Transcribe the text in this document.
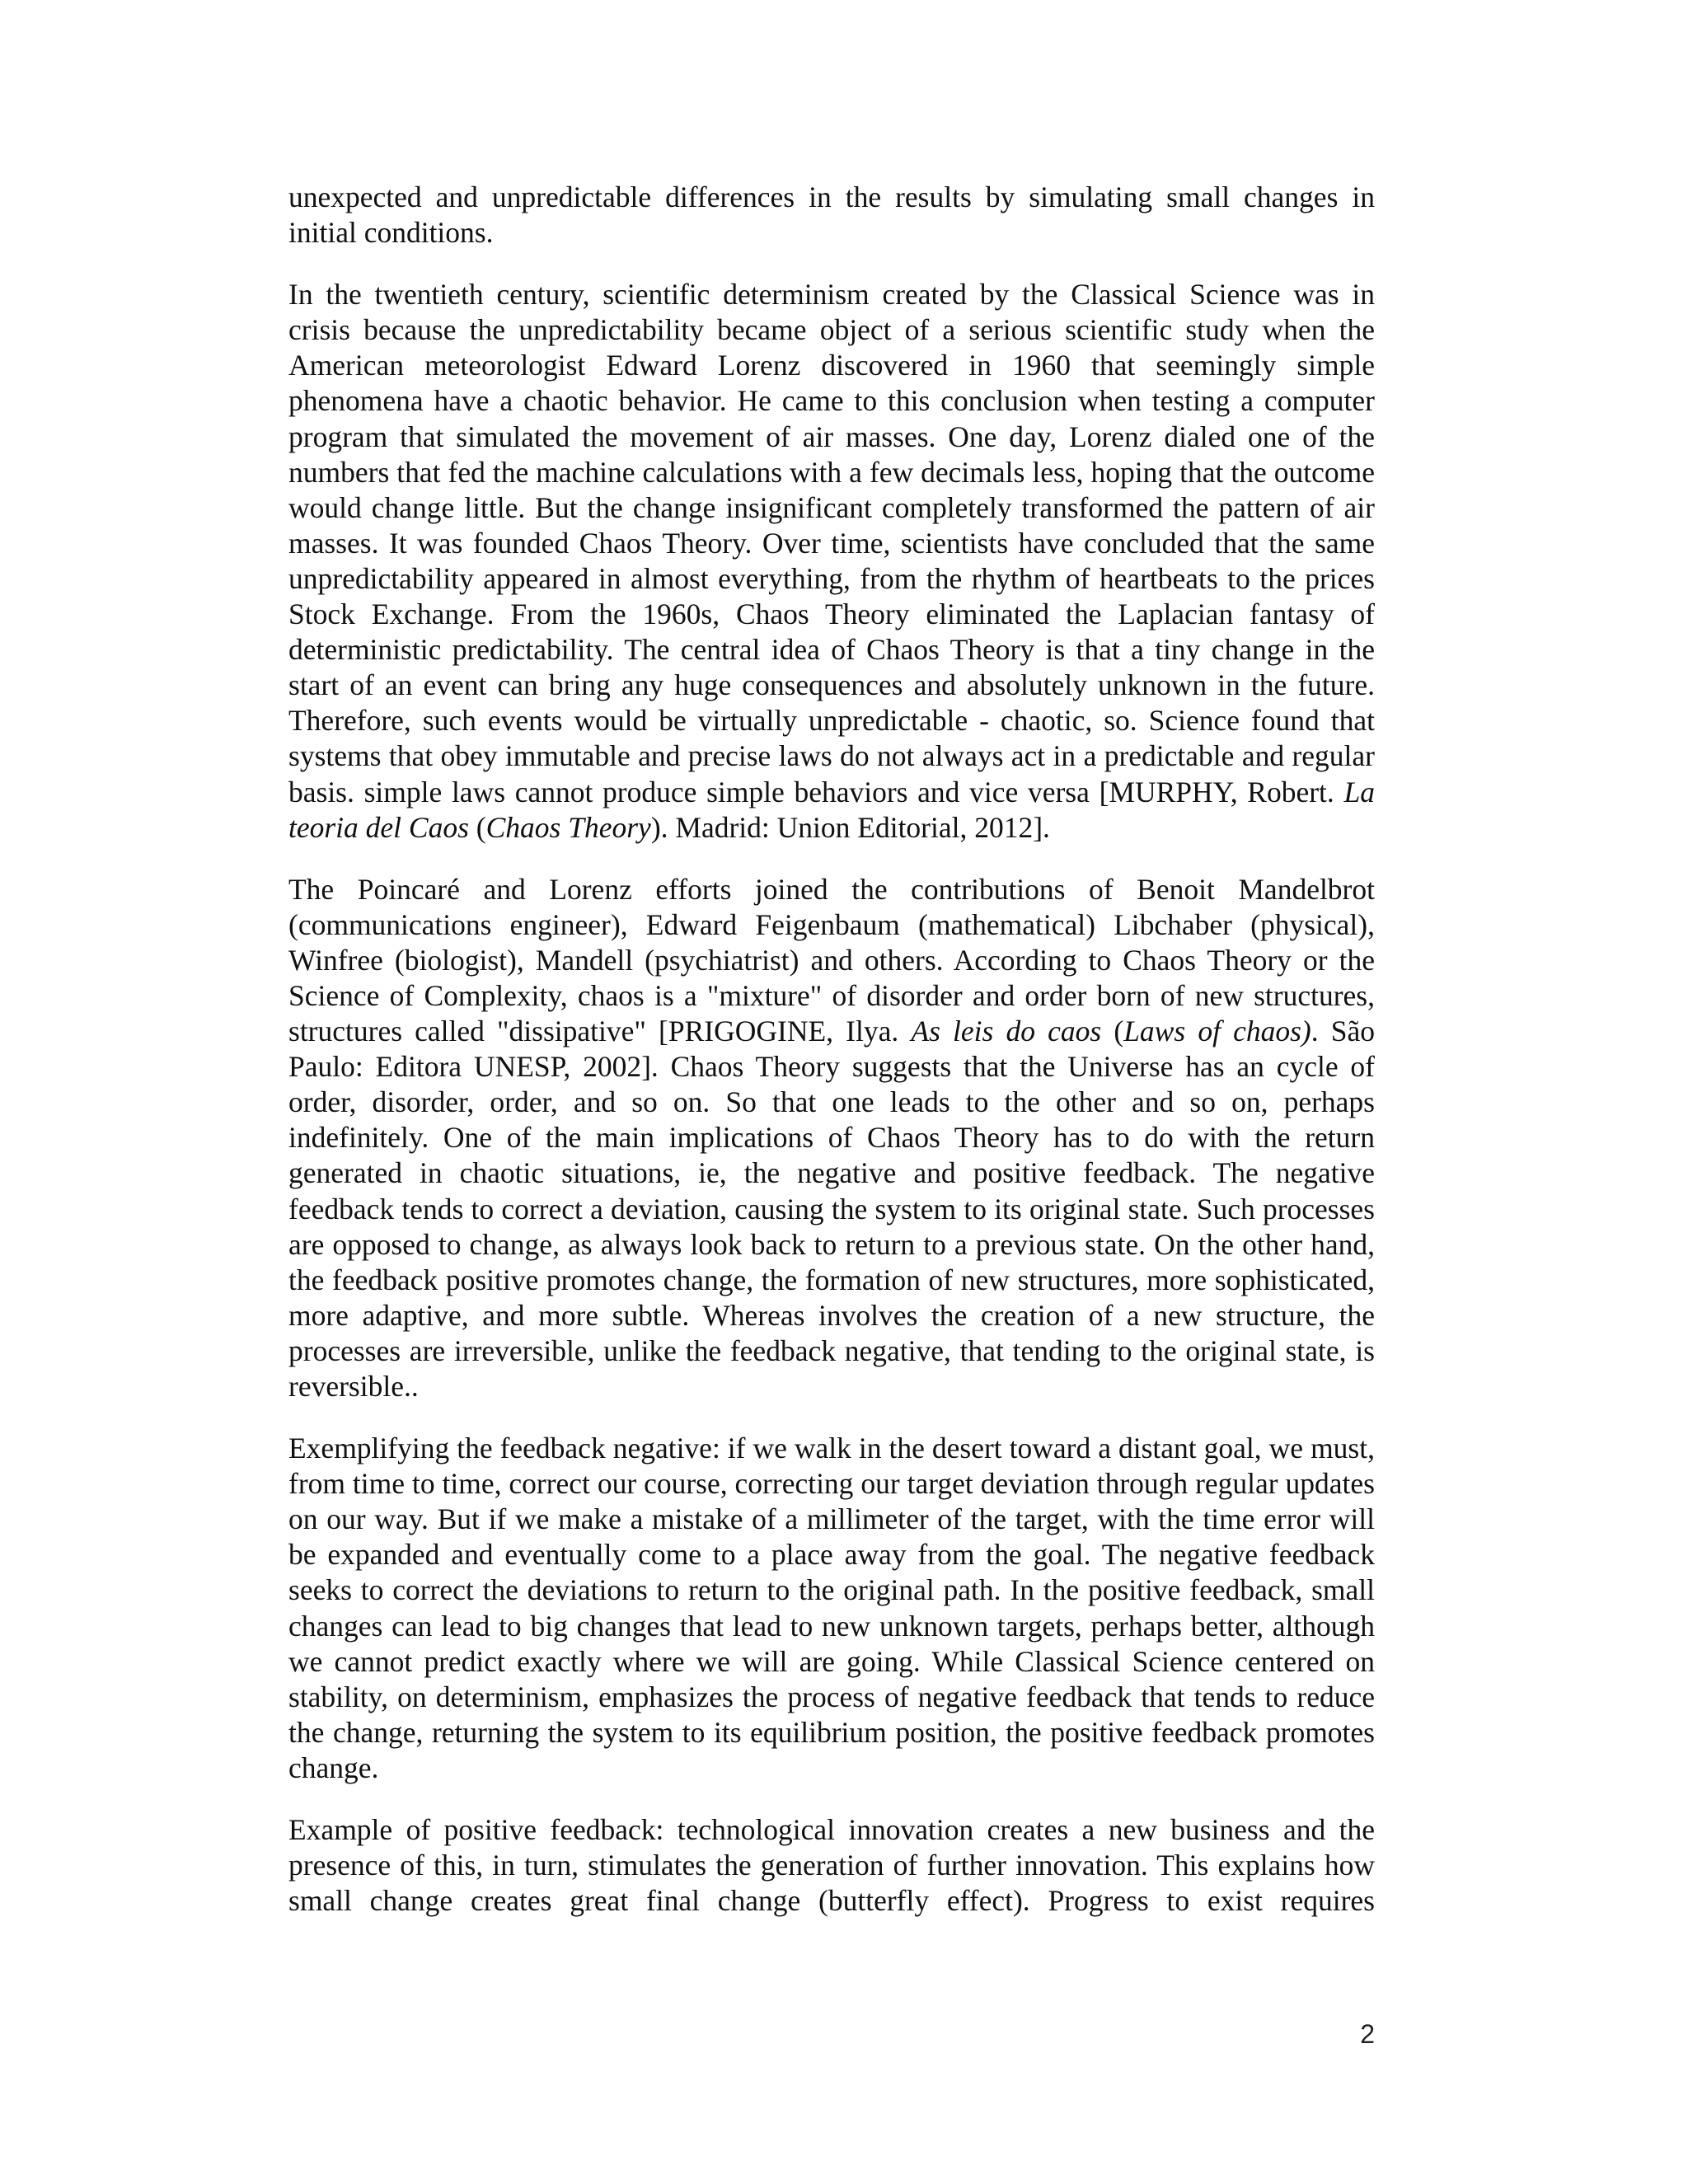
unexpected and unpredictable differences in the results by simulating small changes in initial conditions.

In the twentieth century, scientific determinism created by the Classical Science was in crisis because the unpredictability became object of a serious scientific study when the American meteorologist Edward Lorenz discovered in 1960 that seemingly simple phenomena have a chaotic behavior. He came to this conclusion when testing a computer program that simulated the movement of air masses. One day, Lorenz dialed one of the numbers that fed the machine calculations with a few decimals less, hoping that the outcome would change little. But the change insignificant completely transformed the pattern of air masses. It was founded Chaos Theory. Over time, scientists have concluded that the same unpredictability appeared in almost everything, from the rhythm of heartbeats to the prices Stock Exchange. From the 1960s, Chaos Theory eliminated the Laplacian fantasy of deterministic predictability. The central idea of Chaos Theory is that a tiny change in the start of an event can bring any huge consequences and absolutely unknown in the future. Therefore, such events would be virtually unpredictable - chaotic, so. Science found that systems that obey immutable and precise laws do not always act in a predictable and regular basis. simple laws cannot produce simple behaviors and vice versa [MURPHY, Robert. La teoria del Caos (Chaos Theory). Madrid: Union Editorial, 2012].

The Poincaré and Lorenz efforts joined the contributions of Benoit Mandelbrot (communications engineer), Edward Feigenbaum (mathematical) Libchaber (physical), Winfree (biologist), Mandell (psychiatrist) and others. According to Chaos Theory or the Science of Complexity, chaos is a "mixture" of disorder and order born of new structures, structures called "dissipative" [PRIGOGINE, Ilya. As leis do caos (Laws of chaos). São Paulo: Editora UNESP, 2002]. Chaos Theory suggests that the Universe has an cycle of order, disorder, order, and so on. So that one leads to the other and so on, perhaps indefinitely. One of the main implications of Chaos Theory has to do with the return generated in chaotic situations, ie, the negative and positive feedback. The negative feedback tends to correct a deviation, causing the system to its original state. Such processes are opposed to change, as always look back to return to a previous state. On the other hand, the feedback positive promotes change, the formation of new structures, more sophisticated, more adaptive, and more subtle. Whereas involves the creation of a new structure, the processes are irreversible, unlike the feedback negative, that tending to the original state, is reversible..

Exemplifying the feedback negative: if we walk in the desert toward a distant goal, we must, from time to time, correct our course, correcting our target deviation through regular updates on our way. But if we make a mistake of a millimeter of the target, with the time error will be expanded and eventually come to a place away from the goal. The negative feedback seeks to correct the deviations to return to the original path. In the positive feedback, small changes can lead to big changes that lead to new unknown targets, perhaps better, although we cannot predict exactly where we will are going. While Classical Science centered on stability, on determinism, emphasizes the process of negative feedback that tends to reduce the change, returning the system to its equilibrium position, the positive feedback promotes change.

Example of positive feedback: technological innovation creates a new business and the presence of this, in turn, stimulates the generation of further innovation. This explains how small change creates great final change (butterfly effect). Progress to exist requires

2
